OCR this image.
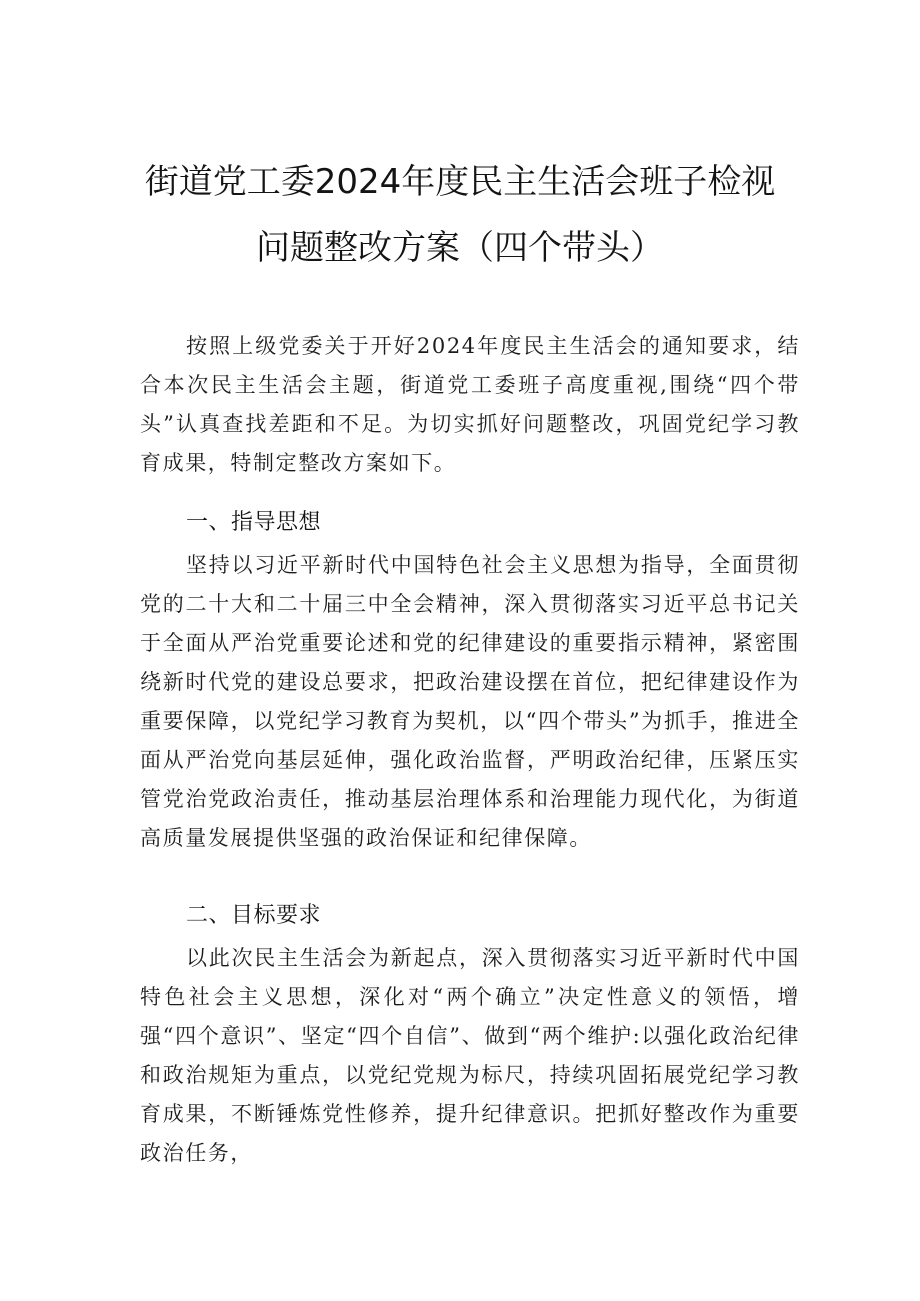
街道党工委2024年度民主生活会班子检视
问题整改方案（四个带头）

按照上级党委关于开好2024年度民主生活会的通知要求，结合本次民主生活会主题，街道党工委班子高度重视,围绕“四个带头”认真查找差距和不足。为切实抓好问题整改，巩固党纪学习教育成果，特制定整改方案如下。

一、指导思想

坚持以习近平新时代中国特色社会主义思想为指导，全面贯彻党的二十大和二十届三中全会精神，深入贯彻落实习近平总书记关于全面从严治党重要论述和党的纪律建设的重要指示精神，紧密围绕新时代党的建设总要求，把政治建设摆在首位，把纪律建设作为重要保障，以党纪学习教育为契机，以“四个带头”为抓手，推进全面从严治党向基层延伸，强化政治监督，严明政治纪律，压紧压实管党治党政治责任，推动基层治理体系和治理能力现代化，为街道高质量发展提供坚强的政治保证和纪律保障。

二、目标要求

以此次民主生活会为新起点，深入贯彻落实习近平新时代中国特色社会主义思想，深化对“两个确立”决定性意义的领悟，增强“四个意识”、坚定“四个自信”、做到“两个维护:以强化政治纪律和政治规矩为重点，以党纪党规为标尺，持续巩固拓展党纪学习教育成果，不断锤炼党性修养，提升纪律意识。把抓好整改作为重要政治任务，
